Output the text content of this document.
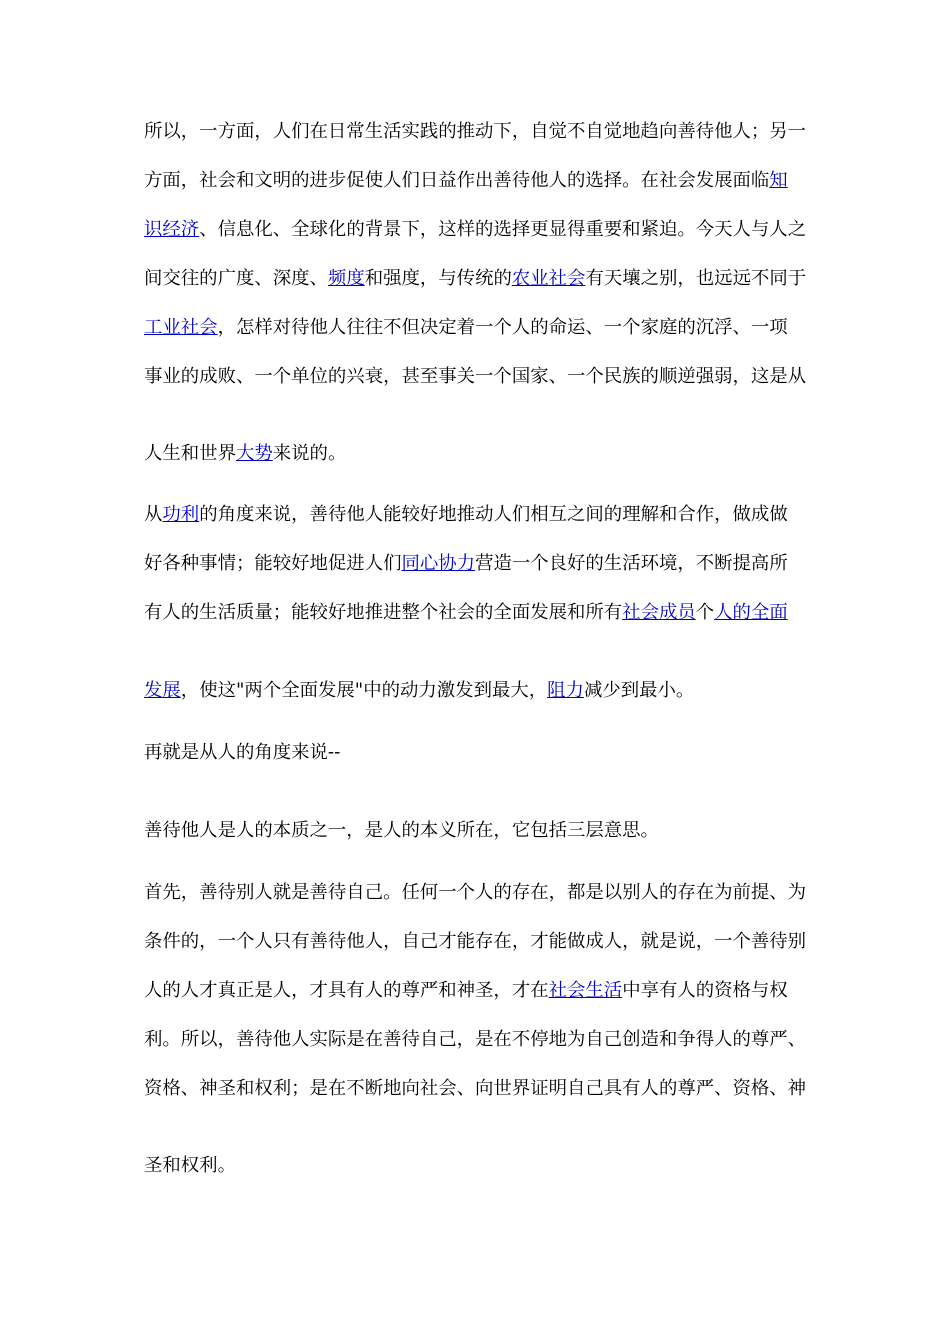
所以，一方面，人们在日常生活实践的推动下，自觉不自觉地趋向善待他人；另一
方面，社会和文明的进步促使人们日益作出善待他人的选择。在社会发展面临知
识经济、信息化、全球化的背景下，这样的选择更显得重要和紧迫。今天人与人之
间交往的广度、深度、频度和强度，与传统的农业社会有天壤之别，也远远不同于
工业社会，怎样对待他人往往不但决定着一个人的命运、一个家庭的沉浮、一项
事业的成败、一个单位的兴衰，甚至事关一个国家、一个民族的顺逆强弱，这是从
人生和世界大势来说的。
从功利的角度来说，善待他人能较好地推动人们相互之间的理解和合作，做成做
好各种事情；能较好地促进人们同心协力营造一个良好的生活环境，不断提高所
有人的生活质量；能较好地推进整个社会的全面发展和所有社会成员个人的全面
发展，使这"两个全面发展"中的动力激发到最大，阻力减少到最小。
再就是从人的角度来说--
善待他人是人的本质之一，是人的本义所在，它包括三层意思。
首先，善待别人就是善待自己。任何一个人的存在，都是以别人的存在为前提、为
条件的，一个人只有善待他人，自己才能存在，才能做成人，就是说，一个善待别
人的人才真正是人，才具有人的尊严和神圣，才在社会生活中享有人的资格与权
利。所以，善待他人实际是在善待自己，是在不停地为自己创造和争得人的尊严、
资格、神圣和权利；是在不断地向社会、向世界证明自己具有人的尊严、资格、神
圣和权利。
